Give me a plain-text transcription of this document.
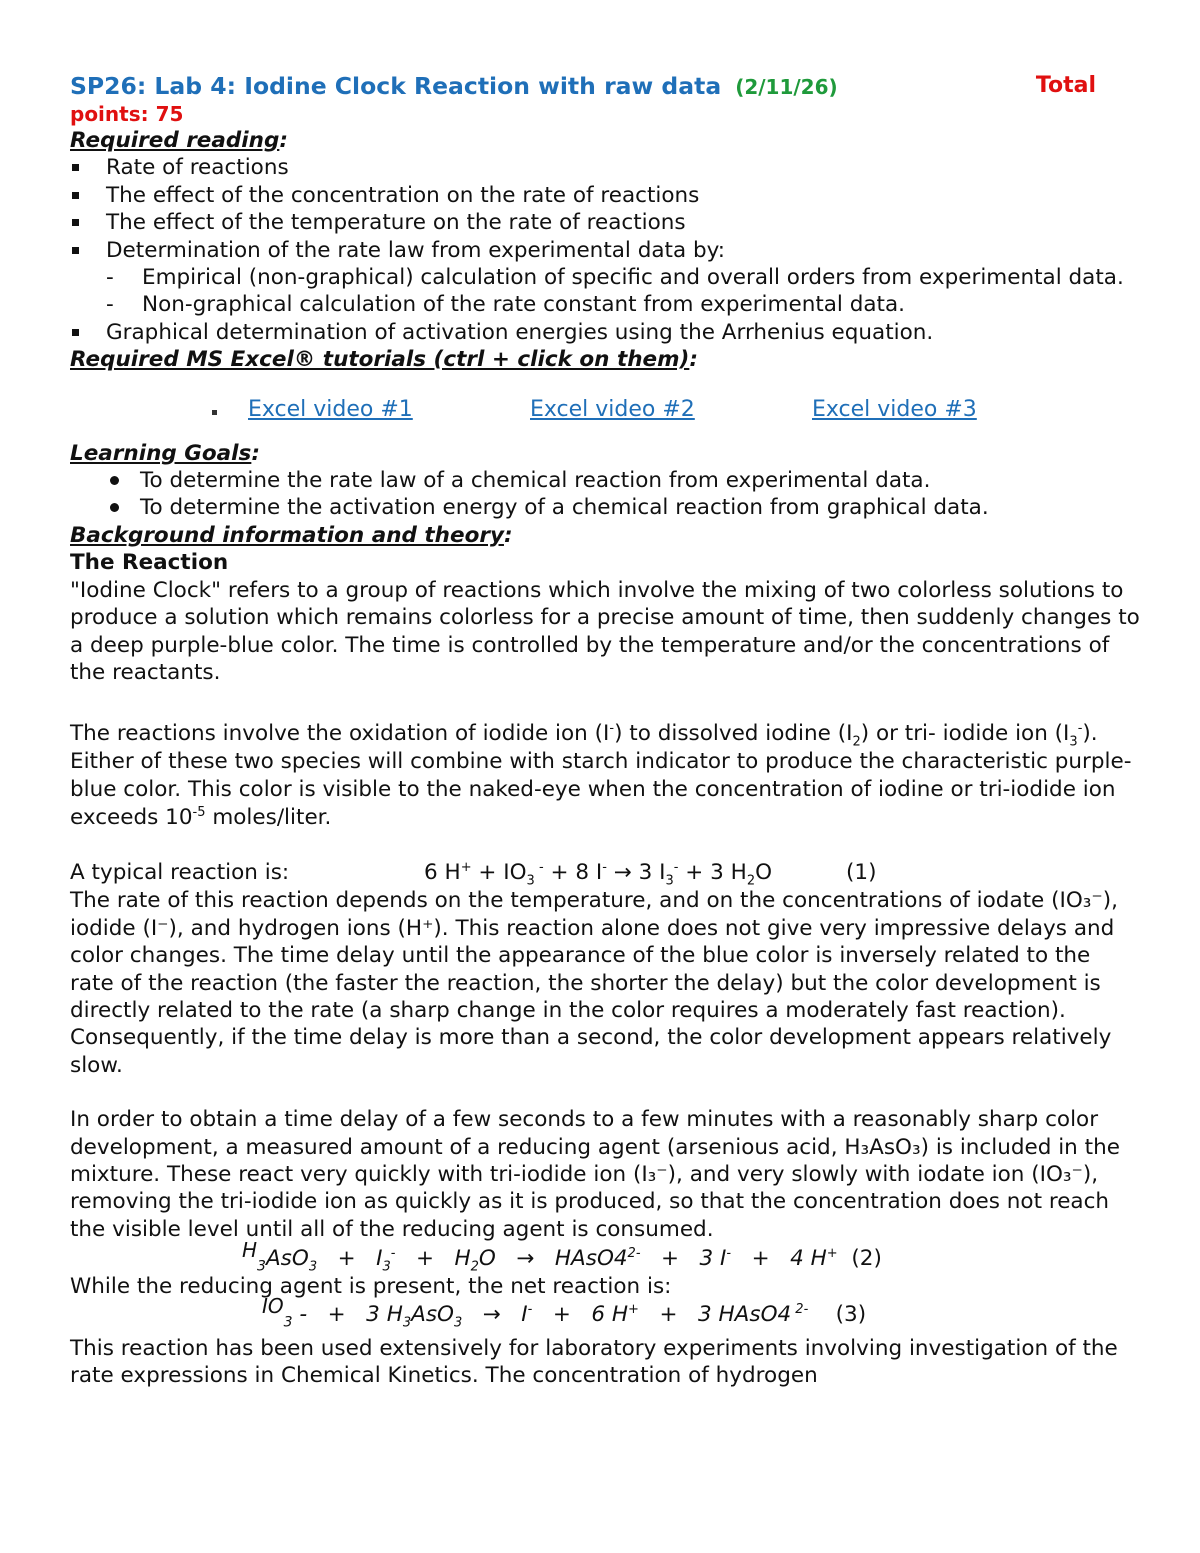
SP26: Lab 4: Iodine Clock Reaction with raw data (2/11/26)	Total
points: 75
Required reading:
Rate of reactions
The effect of the concentration on the rate of reactions
The effect of the temperature on the rate of reactions
Determination of the rate law from experimental data by:
- Empirical (non-graphical) calculation of specific and overall orders from experimental data.
- Non-graphical calculation of the rate constant from experimental data.
Graphical determination of activation energies using the Arrhenius equation.
Required MS Excel® tutorials (ctrl + click on them):
Excel video #1	Excel video #2	Excel video #3
Learning Goals:
To determine the rate law of a chemical reaction from experimental data.
To determine the activation energy of a chemical reaction from graphical data.
Background information and theory:
The Reaction

"Iodine Clock" refers to a group of reactions which involve the mixing of two colorless solutions to produce a solution which remains colorless for a precise amount of time, then suddenly changes to a deep purple-blue color. The time is controlled by the temperature and/or the concentrations of the reactants.

The reactions involve the oxidation of iodide ion (I-) to dissolved iodine $(I_2)$ or tri- iodide ion $(I_3^-)$. Either of these two species will combine with starch indicator to produce the characteristic purple-blue color. This color is visible to the naked-eye when the concentration of iodine or tri-iodide ion exceeds $10^{-5}$ moles/liter.

A typical reaction is:	6 $H^+ + IO_3$ - + 8 I- → 3 $I_3^- + 3$ $H_2O$	(1)

The rate of this reaction depends on the temperature, and on the concentrations of iodate (IO₃⁻), iodide (I⁻), and hydrogen ions (H⁺). This reaction alone does not give very impressive delays and color changes. The time delay until the appearance of the blue color is inversely related to the rate of the reaction (the faster the reaction, the shorter the delay) but the color development is directly related to the rate (a sharp change in the color requires a moderately fast reaction). Consequently, if the time delay is more than a second, the color development appears relatively slow.

In order to obtain a time delay of a few seconds to a few minutes with a reasonably sharp color development, a measured amount of a reducing agent (arsenious acid, H₃AsO₃) is included in the mixture. These react very quickly with tri-iodide ion (I₃⁻), and very slowly with iodate ion (IO₃⁻), removing the tri-iodide ion as quickly as it is produced, so that the concentration does not reach the visible level until all of the reducing agent is consumed.

$^H_3AsO_3 + I_3^- + H_2O$   →   $HAsO4^{2-} + 3$ I-   +   4 H+ (2)

While the reducing agent is present, the net reaction is:

$^{IO}_3$ -   +   3 $H_3AsO_3 \to I^- + 6$ H+   +   3 HAsO4 $^{2-}$ (3)

This reaction has been used extensively for laboratory experiments involving investigation of the rate expressions in Chemical Kinetics. The concentration of hydrogen
